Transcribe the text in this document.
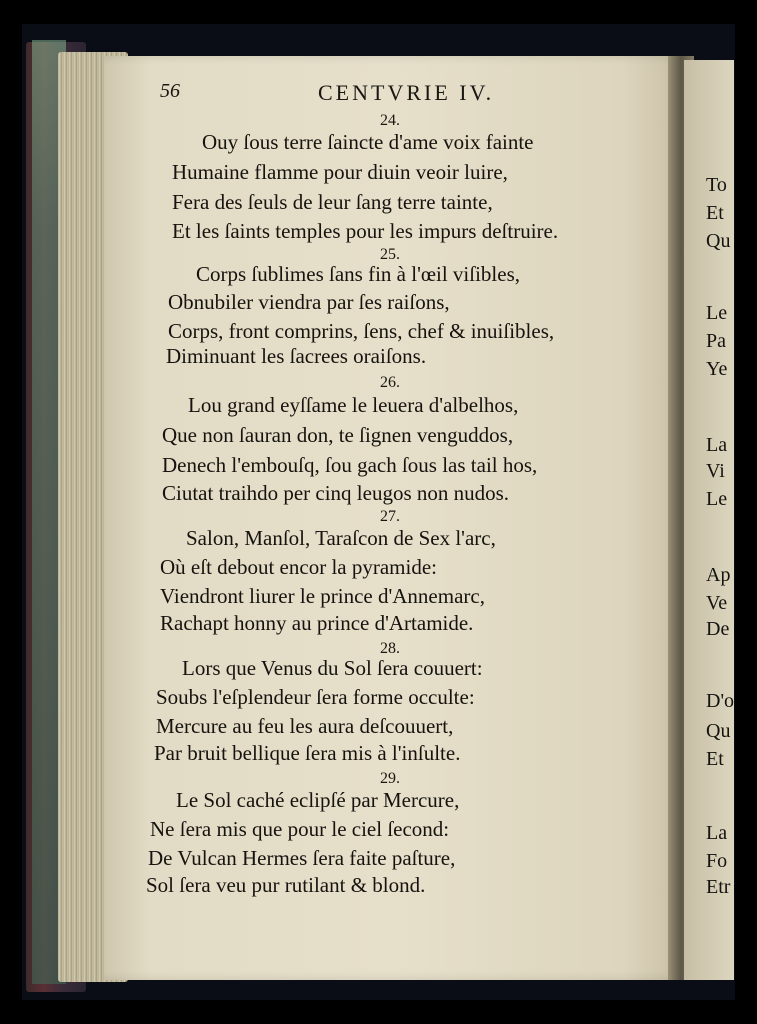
To
Et
Qu
Le
Pa
Ye
La
Vi
Le
Ap
Ve
De
D'o
Qu
Et
La
Fo
Etr
56	CENTVRIE IV.
24.
Ouy ſous terre ſaincte d'ame voix fainte
Humaine flamme pour diuin veoir luire,
Fera des ſeuls de leur ſang terre tainte,
Et les ſaints temples pour les impurs deſtruire.
25.
Corps ſublimes ſans fin à l'œil viſibles,
Obnubiler viendra par ſes raiſons,
Corps, front comprins, ſens, chef & inuiſibles,
Diminuant les ſacrees oraiſons.
26.
Lou grand eyſſame le leuera d'albelhos,
Que non ſauran don, te ſignen venguddos,
Denech l'embouſq, ſou gach ſous las tail hos,
Ciutat traihdo per cinq leugos non nudos.
27.
Salon, Manſol, Taraſcon de Sex l'arc,
Où eſt debout encor la pyramide:
Viendront liurer le prince d'Annemarc,
Rachapt honny au prince d'Artamide.
28.
Lors que Venus du Sol ſera couuert:
Soubs l'eſplendeur ſera forme occulte:
Mercure au feu les aura deſcouuert,
Par bruit bellique ſera mis à l'inſulte.
29.
Le Sol caché eclipſé par Mercure,
Ne ſera mis que pour le ciel ſecond:
De Vulcan Hermes ſera faite paſture,
Sol ſera veu pur rutilant & blond.
